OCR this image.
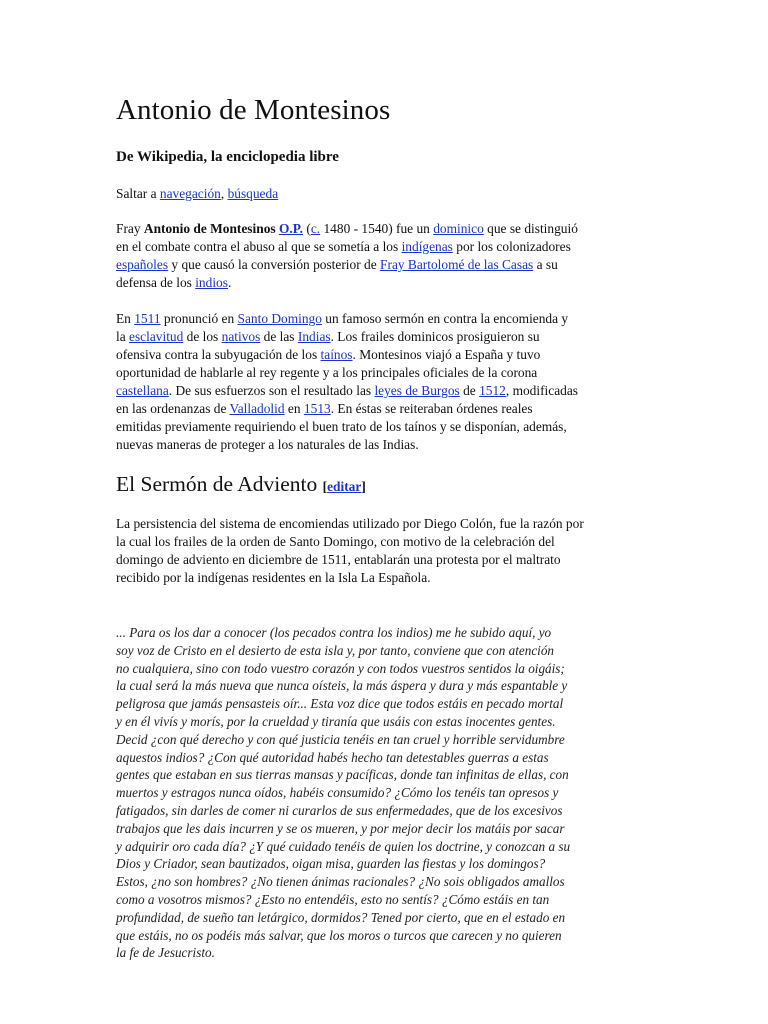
Antonio de Montesinos
De Wikipedia, la enciclopedia libre
Saltar a navegación, búsqueda
Fray Antonio de Montesinos O.P. (c. 1480 - 1540) fue un dominico que se distinguió
en el combate contra el abuso al que se sometía a los indígenas por los colonizadores
españoles y que causó la conversión posterior de Fray Bartolomé de las Casas a su
defensa de los indios.
En 1511 pronunció en Santo Domingo un famoso sermón en contra la encomienda y
la esclavitud de los nativos de las Indias. Los frailes dominicos prosiguieron su
ofensiva contra la subyugación de los taínos. Montesinos viajó a España y tuvo
oportunidad de hablarle al rey regente y a los principales oficiales de la corona
castellana. De sus esfuerzos son el resultado las leyes de Burgos de 1512, modificadas
en las ordenanzas de Valladolid en 1513. En éstas se reiteraban órdenes reales
emitidas previamente requiriendo el buen trato de los taínos y se disponían, además,
nuevas maneras de proteger a los naturales de las Indias.
El Sermón de Adviento [editar]
La persistencia del sistema de encomiendas utilizado por Diego Colón, fue la razón por
la cual los frailes de la orden de Santo Domingo, con motivo de la celebración del
domingo de adviento en diciembre de 1511, entablarán una protesta por el maltrato
recibido por la indígenas residentes en la Isla La Española.
... Para os los dar a conocer (los pecados contra los indios) me he subido aquí, yo
soy voz de Cristo en el desierto de esta isla y, por tanto, conviene que con atención
no cualquiera, sino con todo vuestro corazón y con todos vuestros sentidos la oigáis;
la cual será la más nueva que nunca oísteis, la más áspera y dura y más espantable y
peligrosa que jamás pensasteis oír... Esta voz dice que todos estáis en pecado mortal
y en él vivís y morís, por la crueldad y tiranía que usáis con estas inocentes gentes.
Decid ¿con qué derecho y con qué justicia tenéis en tan cruel y horrible servidumbre
aquestos indios? ¿Con qué autoridad habés hecho tan detestables guerras a estas
gentes que estaban en sus tierras mansas y pacíficas, donde tan infinitas de ellas, con
muertos y estragos nunca oídos, habéis consumido? ¿Cómo los tenéis tan opresos y
fatigados, sin darles de comer ni curarlos de sus enfermedades, que de los excesivos
trabajos que les dais incurren y se os mueren, y por mejor decir los matáis por sacar
y adquirir oro cada día? ¿Y qué cuidado tenéis de quien los doctrine, y conozcan a su
Dios y Criador, sean bautizados, oigan misa, guarden las fiestas y los domingos?
Estos, ¿no son hombres? ¿No tienen ánimas racionales? ¿No sois obligados amallos
como a vosotros mismos? ¿Esto no entendéis, esto no sentís? ¿Cómo estáis en tan
profundidad, de sueño tan letárgico, dormidos? Tened por cierto, que en el estado en
que estáis, no os podéis más salvar, que los moros o turcos que carecen y no quieren
la fe de Jesucristo.
